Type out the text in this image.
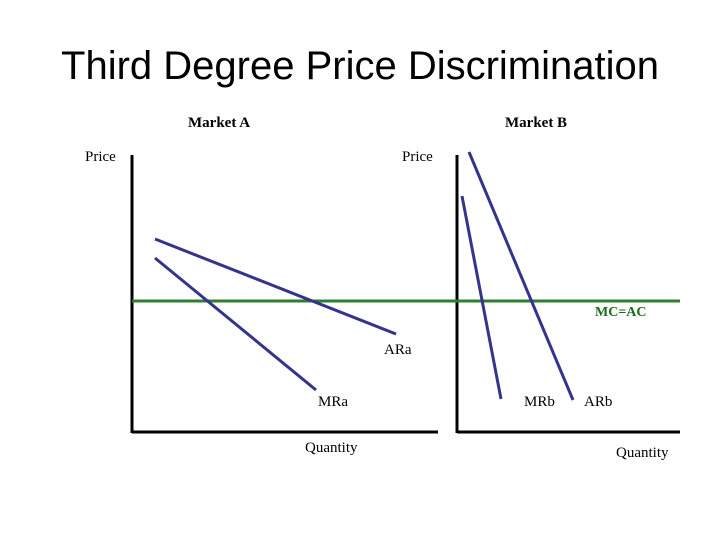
Third Degree Price Discrimination
Market A	Market B
Price	Price
MC=AC
ARa
MRa	MRb ARb
Quantity	Quantity
